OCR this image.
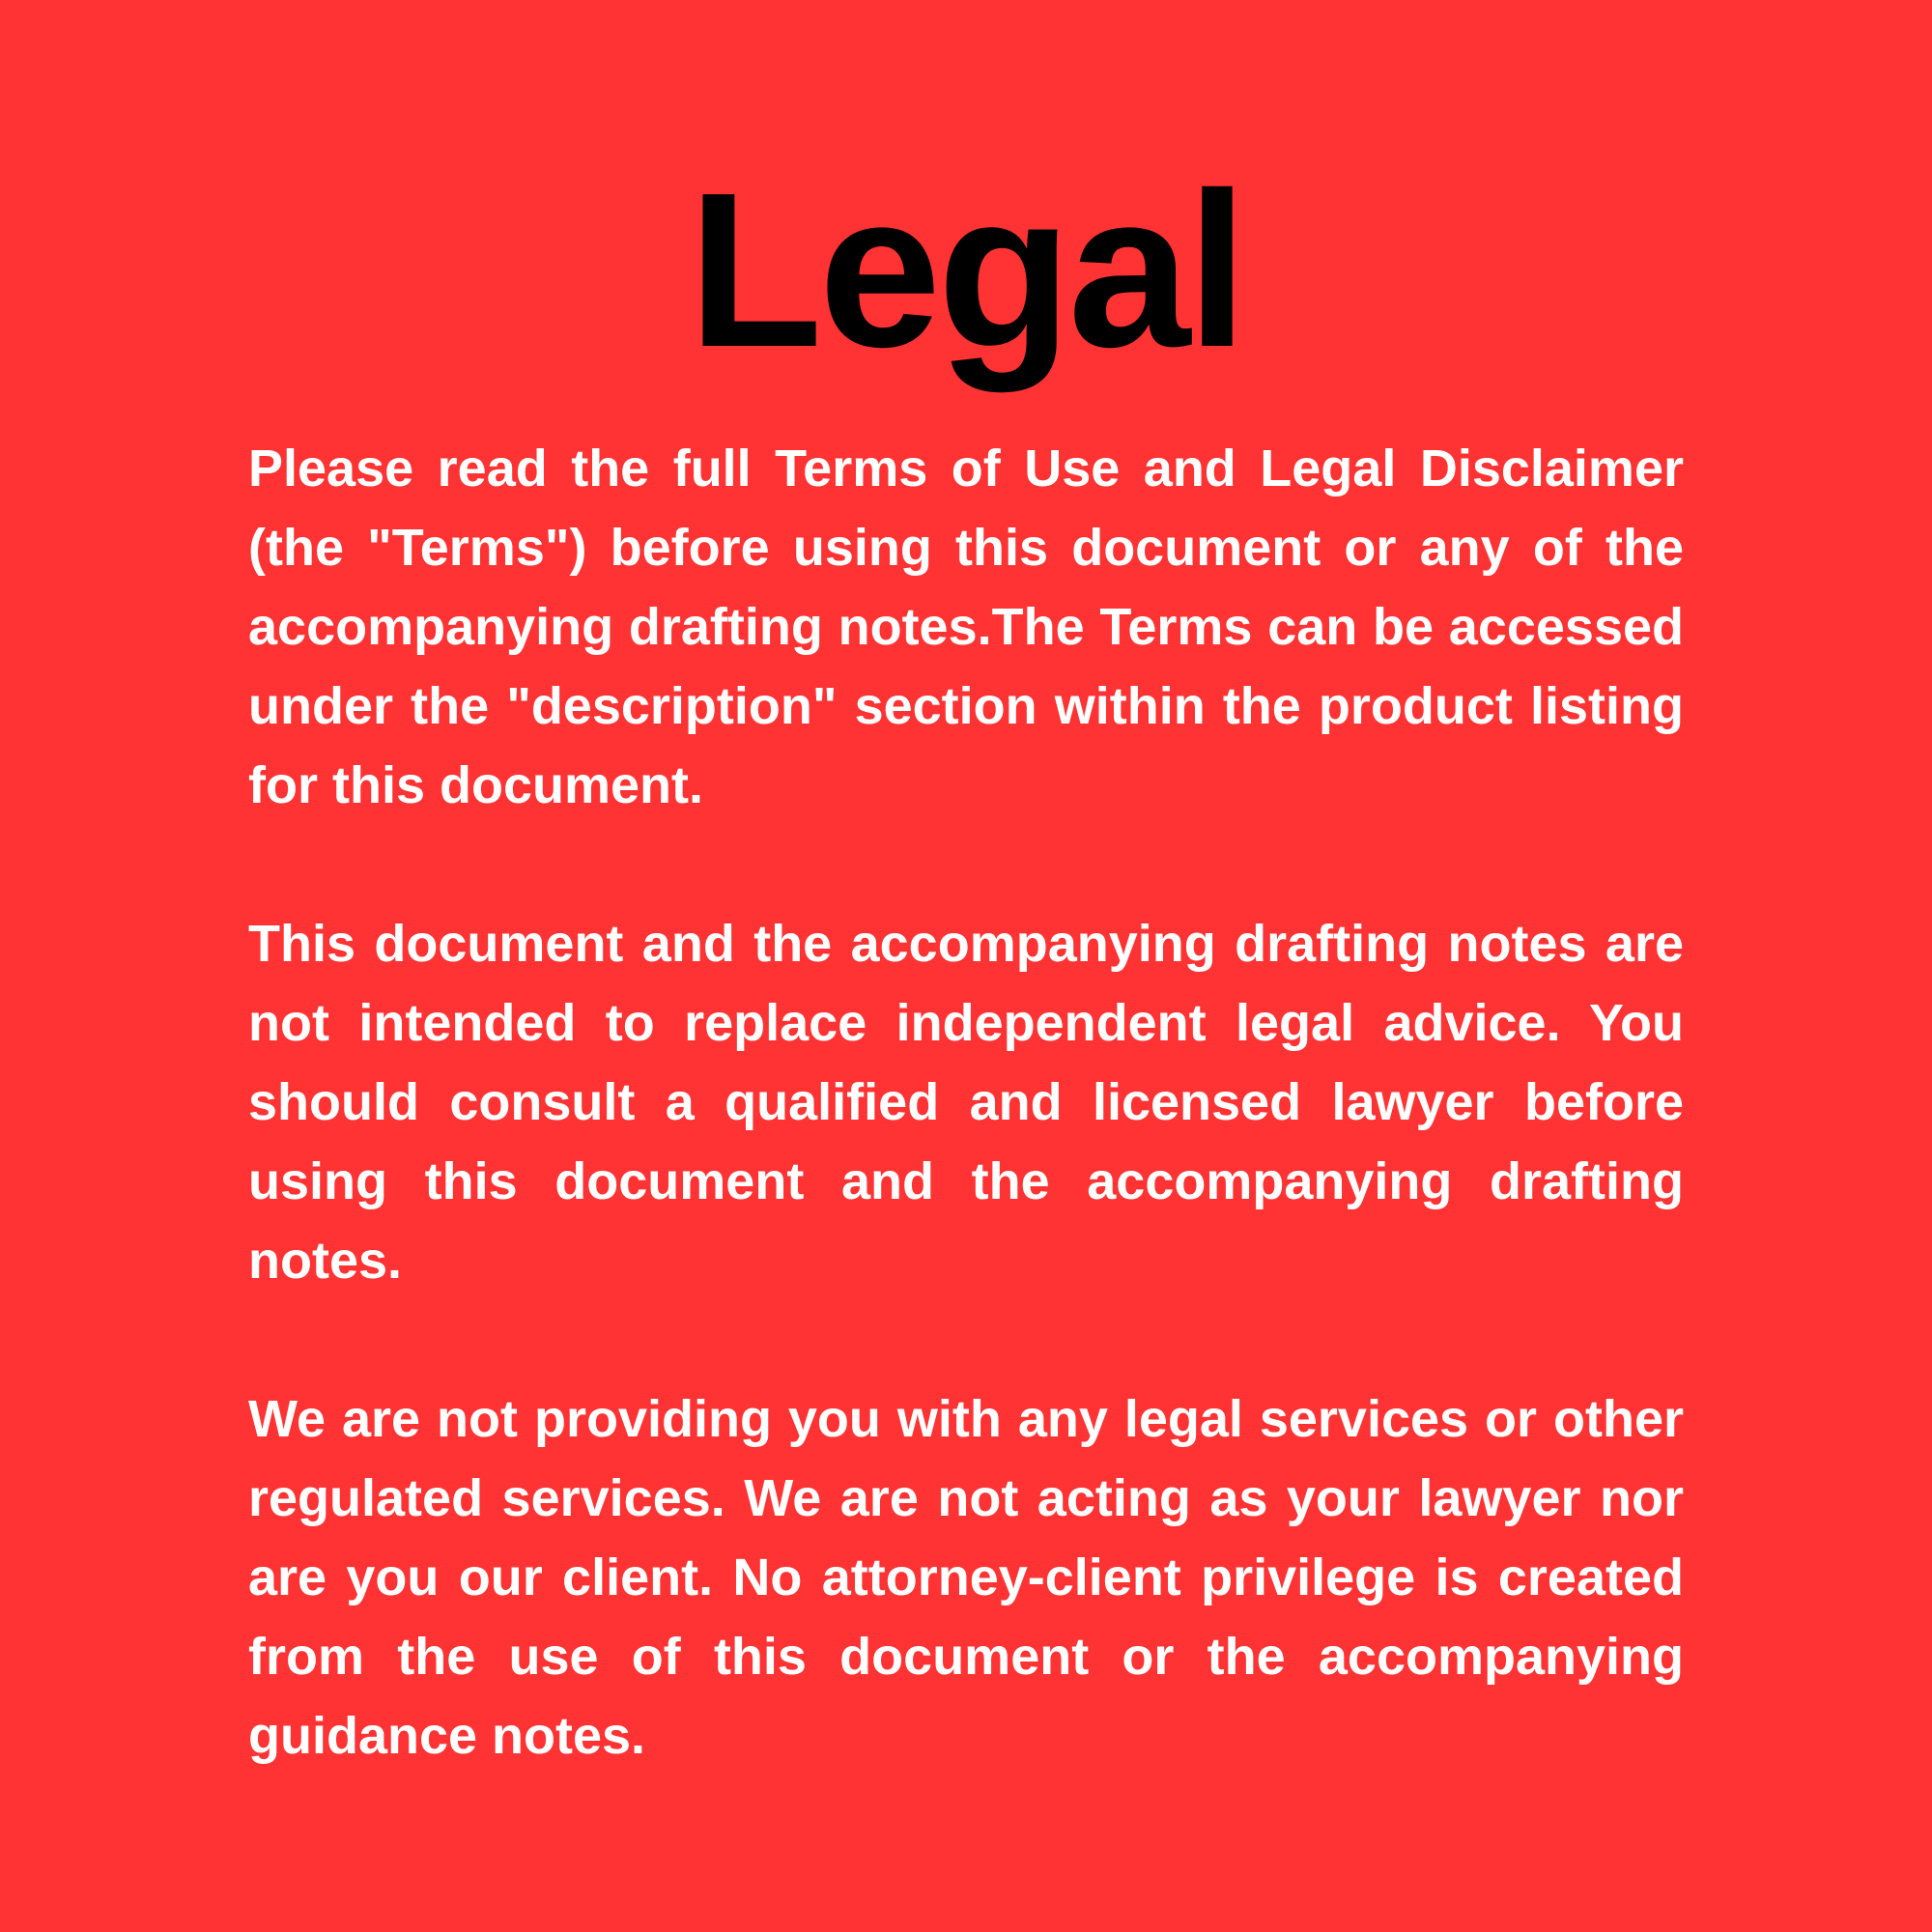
Legal

Please read the full Terms of Use and Legal Disclaimer (the "Terms") before using this document or any of the accompanying drafting notes.The Terms can be accessed under the "description" section within the product listing for this document.

This document and the accompanying drafting notes are not intended to replace independent legal advice. You should consult a qualified and licensed lawyer before using this document and the accompanying drafting notes.

We are not providing you with any legal services or other regulated services. We are not acting as your lawyer nor are you our client. No attorney-client privilege is created from the use of this document or the accompanying guidance notes.
